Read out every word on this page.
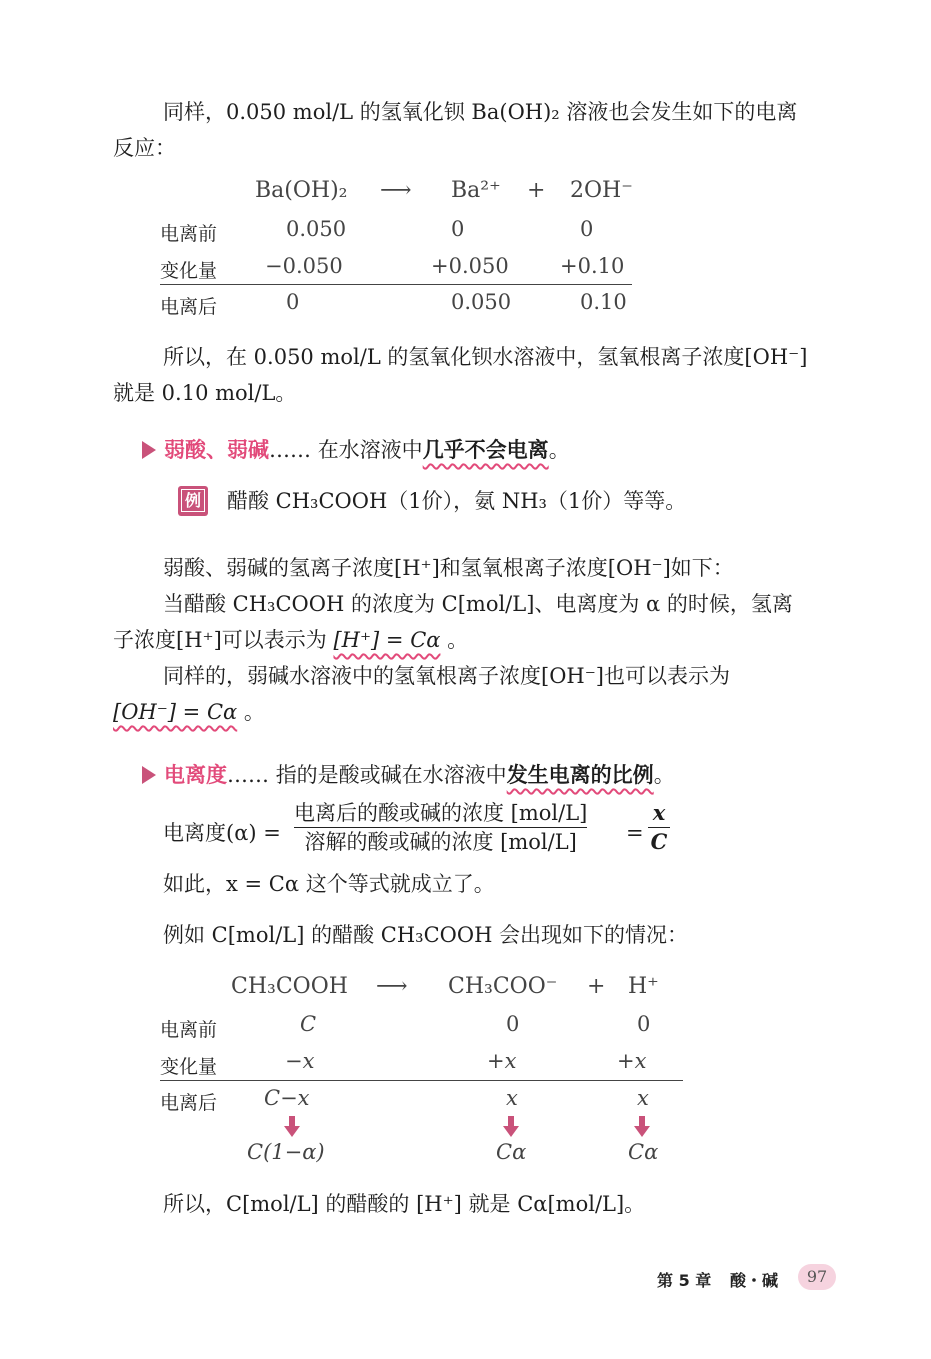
同样，0.050 mol/L 的氢氧化钡 Ba(OH)₂ 溶液也会发生如下的电离
反应：
Ba(OH)₂ ⟶ Ba²⁺ + 2OH⁻
电离前	0.050	0	0
变化量 −0.050	+0.050 +0.10
电离后	0	0.050	0.10
所以，在 0.050 mol/L 的氢氧化钡水溶液中，氢氧根离子浓度[OH⁻]
就是 0.10 mol/L。
弱酸、弱碱…… 在水溶液中几乎不会电离。
例 醋酸 CH₃COOH（1价），氨 NH₃（1价）等等。
弱酸、弱碱的氢离子浓度[H⁺]和氢氧根离子浓度[OH⁻]如下：
当醋酸 CH₃COOH 的浓度为 C[mol/L]、电离度为 α 的时候，氢离
子浓度[H⁺]可以表示为 [H⁺] = Cα 。
同样的，弱碱水溶液中的氢氧根离子浓度[OH⁻]也可以表示为
[OH⁻] = Cα 。
电离度…… 指的是酸或碱在水溶液中发生电离的比例。
电离度(α) =
电离后的酸或碱的浓度 [mol/L]
溶解的酸或碱的浓度 [mol/L]	=
x
C
如此，x = Cα 这个等式就成立了。
例如 C[mol/L] 的醋酸 CH₃COOH 会出现如下的情况：
CH₃COOH ⟶ CH₃COO⁻ + H⁺
电离前	C	0	0
变化量	−x	+x	+x
电离后 C−x	x	x
C(1−α)	Cα	Cα
所以，C[mol/L] 的醋酸的 [H⁺] 就是 Cα[mol/L]。
第 5 章 酸・碱	97
